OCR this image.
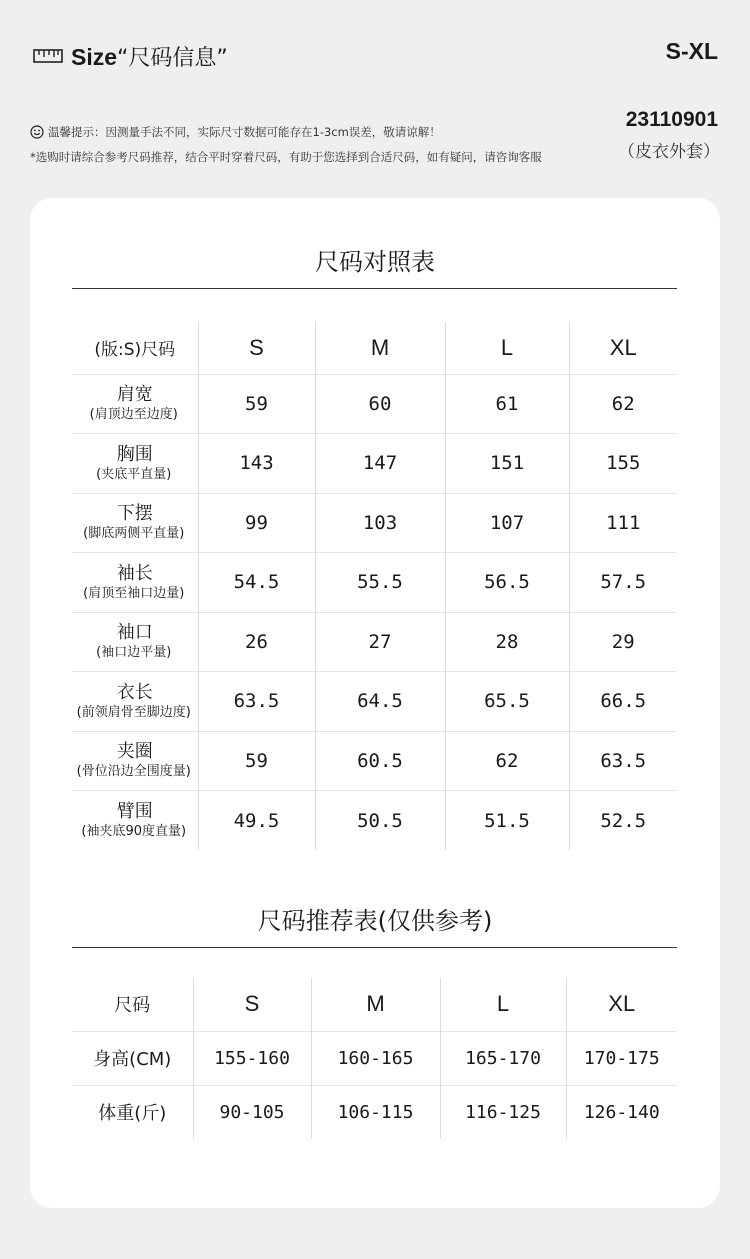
Size“尺码信息”	S-XL
温馨提示：因测量手法不同，实际尺寸数据可能存在1-3cm误差，敬请谅解！
*选购时请综合参考尺码推荐，结合平时穿着尺码，有助于您选择到合适尺码，如有疑问，请咨询客服
23110901
（皮衣外套）
尺码对照表
(版:S)尺码	S	M	L	XL

肩宽
(肩顶边至边度)	59	60	61	62

胸围
(夹底平直量)	143	147	151	155

下摆
(脚底两侧平直量)	99	103	107	111

袖长
(肩顶至袖口边量)	54.5	55.5	56.5	57.5

袖口
(袖口边平量)	26	27	28	29

衣长
(前领肩骨至脚边度)	63.5	64.5	65.5	66.5

夹圈
(骨位沿边全围度量)	59	60.5	62	63.5

臂围
(袖夹底90度直量)	49.5	50.5	51.5	52.5
尺码推荐表(仅供参考)
尺码	S	M	L	XL
身高(CM)	155-160	160-165	165-170	170-175
体重(斤)	90-105	106-115	116-125	126-140
